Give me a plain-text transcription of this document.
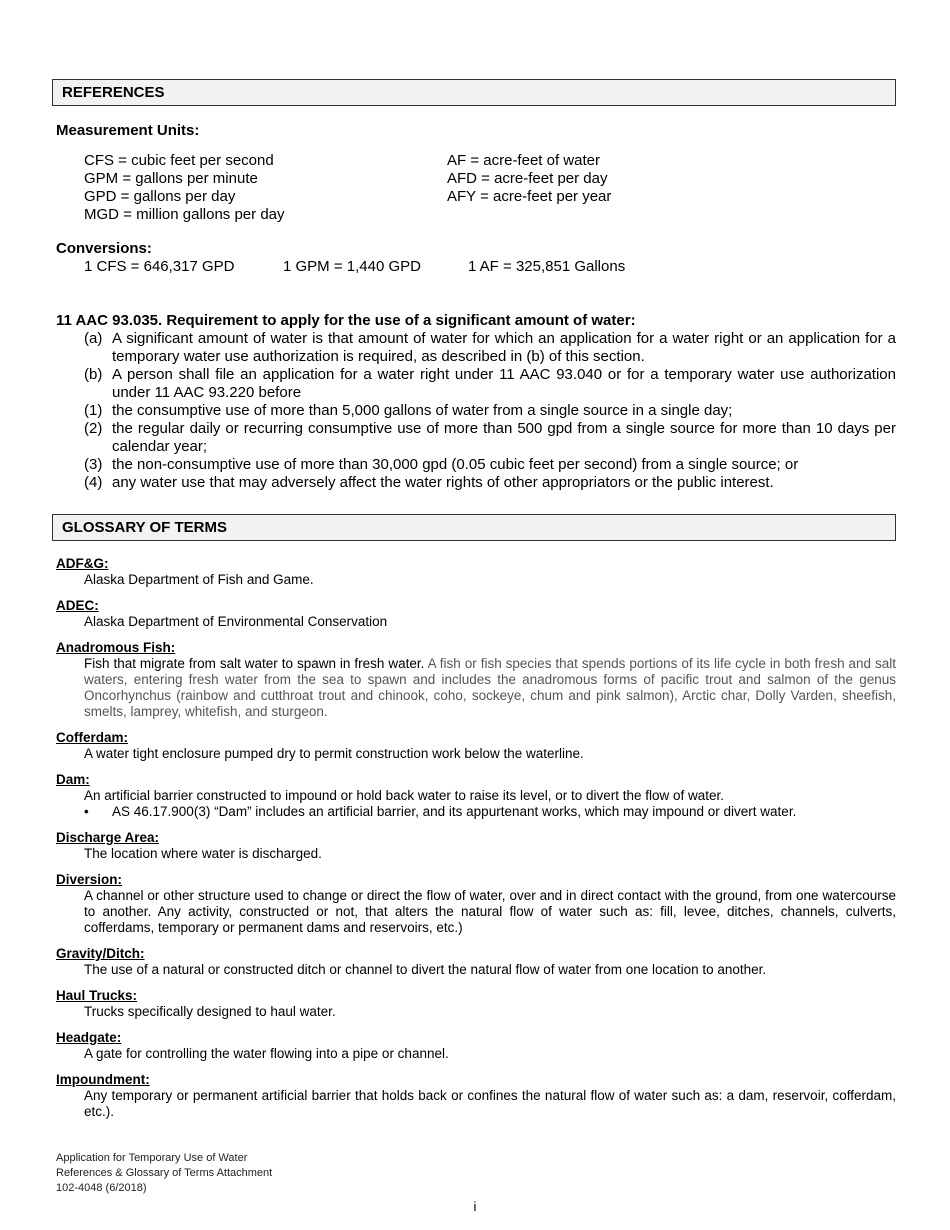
REFERENCES
Measurement Units:
CFS = cubic feet per second
GPM = gallons per minute
GPD = gallons per day
MGD = million gallons per day
AF = acre-feet of water
AFD = acre-feet per day
AFY = acre-feet per year
Conversions:
1 CFS = 646,317 GPD	1 GPM = 1,440 GPD	1 AF = 325,851 Gallons
11 AAC 93.035. Requirement to apply for the use of a significant amount of water:
(a) A significant amount of water is that amount of water for which an application for a water right or an application for a temporary water use authorization is required, as described in (b) of this section.
(b) A person shall file an application for a water right under 11 AAC 93.040 or for a temporary water use authorization under 11 AAC 93.220 before
(1) the consumptive use of more than 5,000 gallons of water from a single source in a single day;
(2) the regular daily or recurring consumptive use of more than 500 gpd from a single source for more than 10 days per calendar year;
(3) the non-consumptive use of more than 30,000 gpd (0.05 cubic feet per second) from a single source; or
(4) any water use that may adversely affect the water rights of other appropriators or the public interest.
GLOSSARY OF TERMS
ADF&G:
Alaska Department of Fish and Game.
ADEC:
Alaska Department of Environmental Conservation
Anadromous Fish:
Fish that migrate from salt water to spawn in fresh water. A fish or fish species that spends portions of its life cycle in both fresh and salt waters, entering fresh water from the sea to spawn and includes the anadromous forms of pacific trout and salmon of the genus Oncorhynchus (rainbow and cutthroat trout and chinook, coho, sockeye, chum and pink salmon), Arctic char, Dolly Varden, sheefish, smelts, lamprey, whitefish, and sturgeon.
Cofferdam:
A water tight enclosure pumped dry to permit construction work below the waterline.
Dam:
An artificial barrier constructed to impound or hold back water to raise its level, or to divert the flow of water.
•	AS 46.17.900(3) “Dam” includes an artificial barrier, and its appurtenant works, which may impound or divert water.
Discharge Area:
The location where water is discharged.
Diversion:
A channel or other structure used to change or direct the flow of water, over and in direct contact with the ground, from one watercourse to another. Any activity, constructed or not, that alters the natural flow of water such as: fill, levee, ditches, channels, culverts, cofferdams, temporary or permanent dams and reservoirs, etc.)
Gravity/Ditch:
The use of a natural or constructed ditch or channel to divert the natural flow of water from one location to another.
Haul Trucks:
Trucks specifically designed to haul water.
Headgate:
A gate for controlling the water flowing into a pipe or channel.
Impoundment:
Any temporary or permanent artificial barrier that holds back or confines the natural flow of water such as: a dam, reservoir, cofferdam, etc.).
Application for Temporary Use of Water
References & Glossary of Terms Attachment
102-4048 (6/2018)
i
